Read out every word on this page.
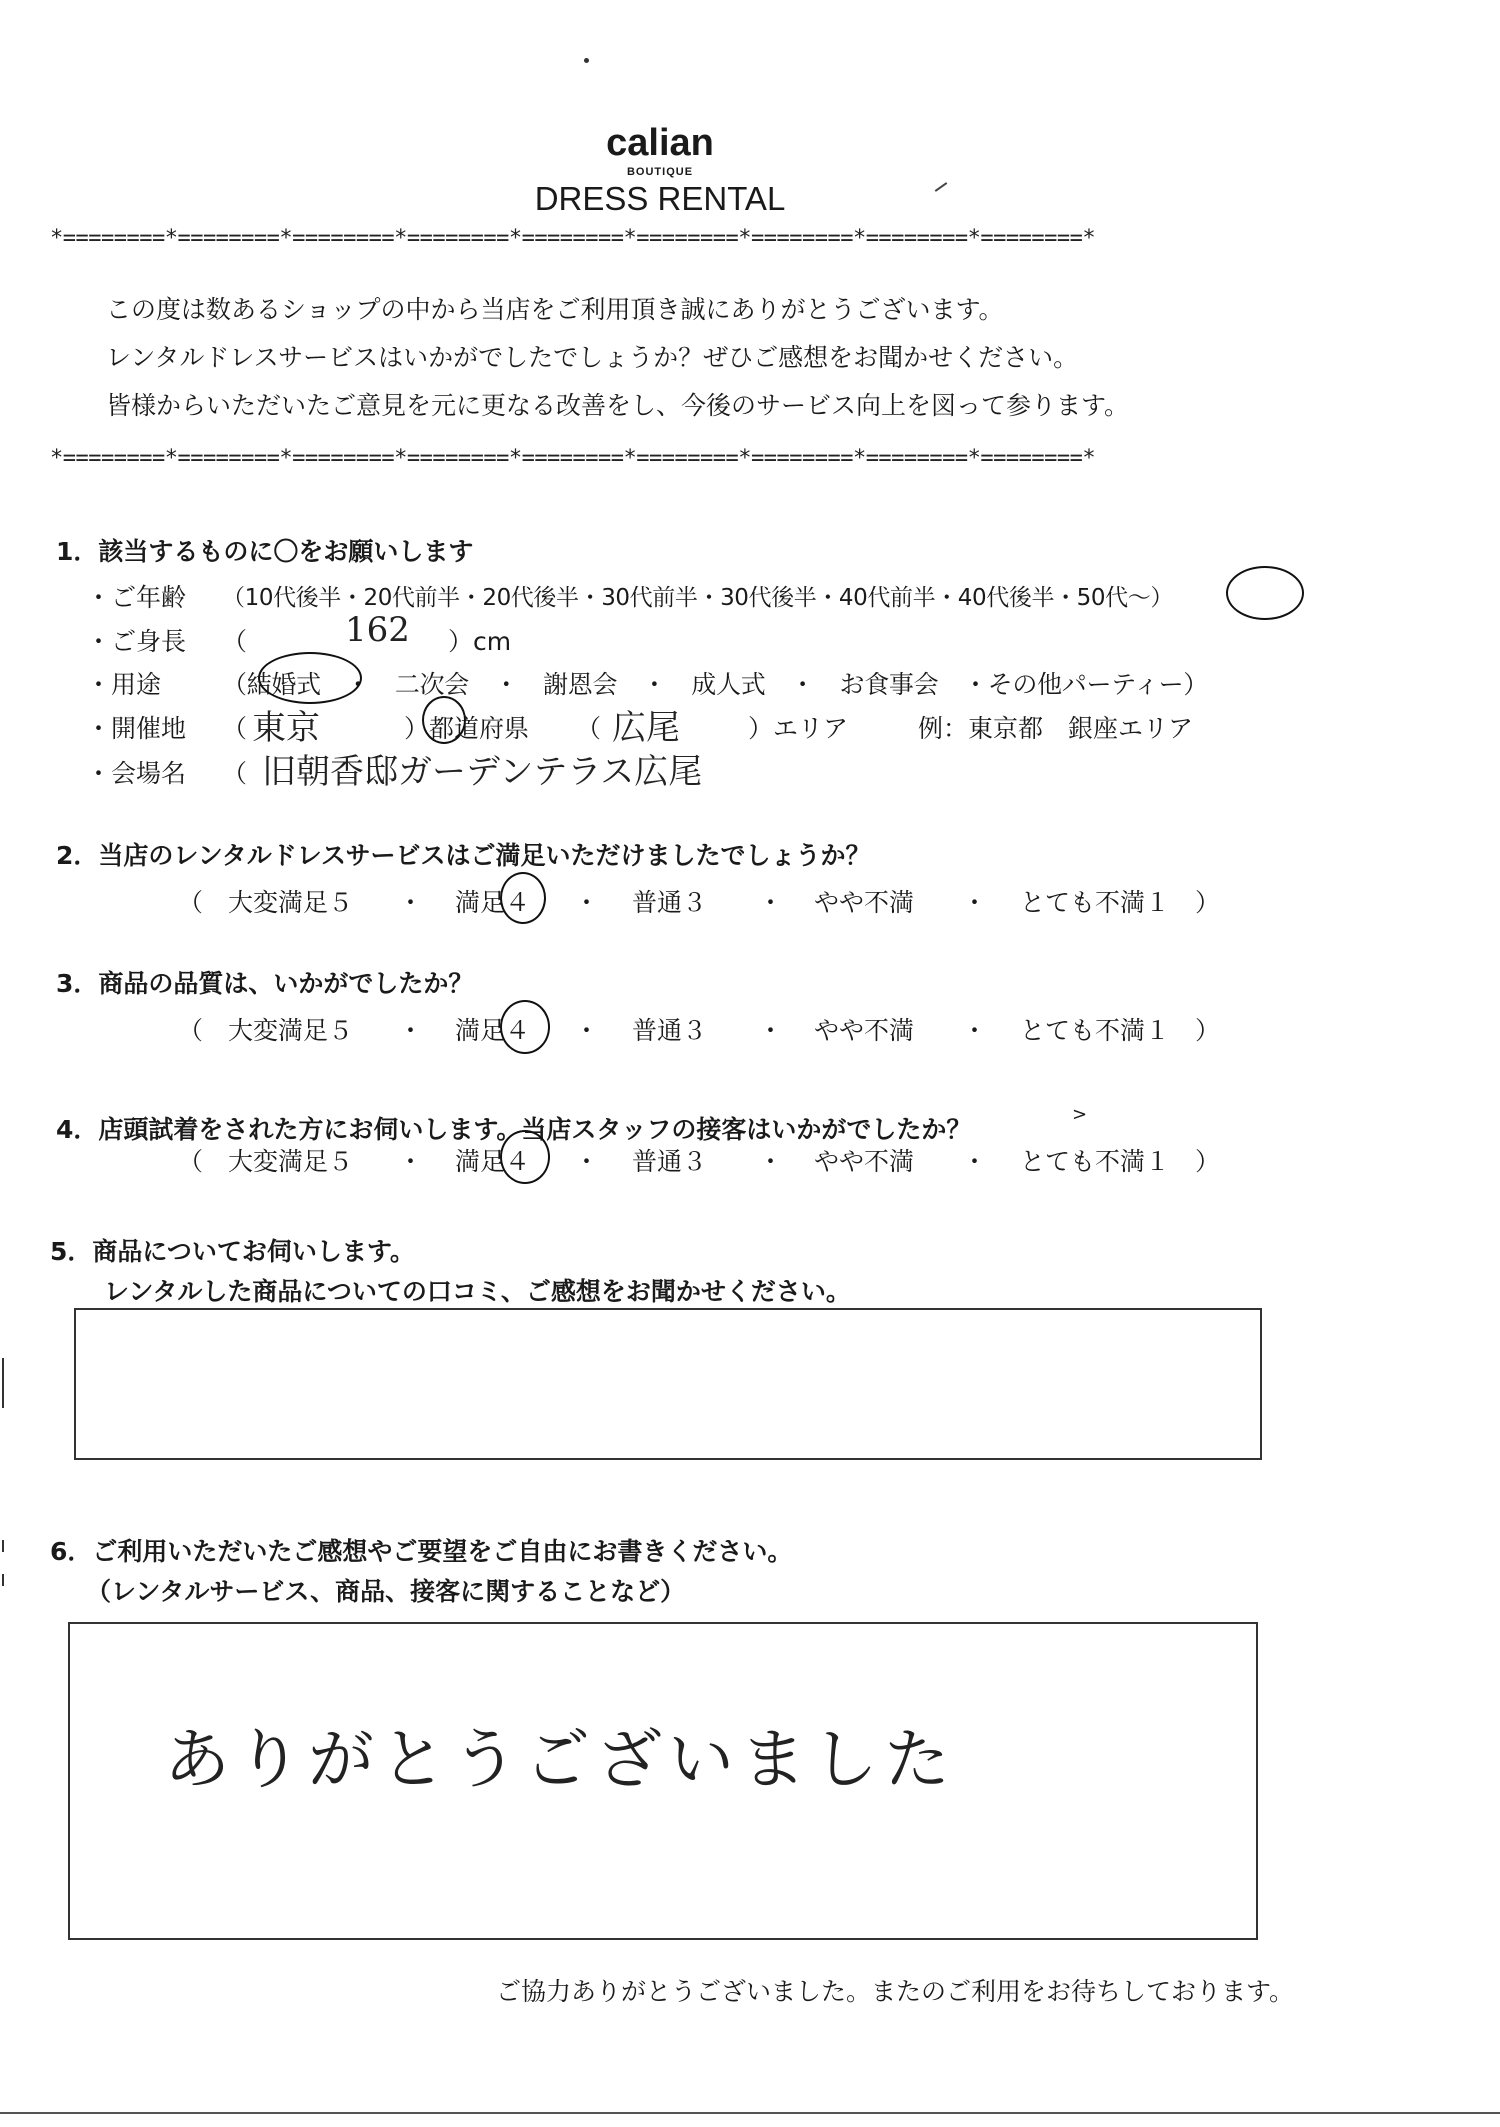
calian
BOUTIQUE
DRESS RENTAL
*========*========*========*========*========*========*========*========*========*
この度は数あるショップの中から当店をご利用頂き誠にありがとうございます。
レンタルドレスサービスはいかがでしたでしょうか？ぜひご感想をお聞かせください。
皆様からいただいたご意見を元に更なる改善をし、今後のサービス向上を図って参ります。
*========*========*========*========*========*========*========*========*========*
1．該当するものに〇をお願いします
・ご年齢 （10代後半・20代前半・20代後半・30代前半・30代後半・40代前半・40代後半・50代～）
・ご身長 （	162 ）cm
・用途 （結婚式　・　二次会　・　謝恩会　・　成人式　・　お食事会　・その他パーティー）
・開催地 （ 東京	）都道府県 （ 広尾	）エリア	例：東京都　銀座エリア
・会場名 （ 旧朝香邸ガーデンテラス広尾
2．当店のレンタルドレスサービスはご満足いただけましたでしょうか？
（　大変満足５ ・ 満足４ ・ 普通３ ・ やや不満 ・ とても不満１　）
3．商品の品質は、いかがでしたか？
（　大変満足５ ・ 満足４ ・ 普通３ ・ やや不満 ・ とても不満１　）
4．店頭試着をされた方にお伺いします。当店スタッフの接客はいかがでしたか？
>
（　大変満足５ ・ 満足４ ・ 普通３ ・ やや不満 ・ とても不満１　）
5．商品についてお伺いします。
レンタルした商品についての口コミ、ご感想をお聞かせください。
6．ご利用いただいたご感想やご要望をご自由にお書きください。
（レンタルサービス、商品、接客に関することなど）
ありがとうございました
ご協力ありがとうございました。またのご利用をお待ちしております。
